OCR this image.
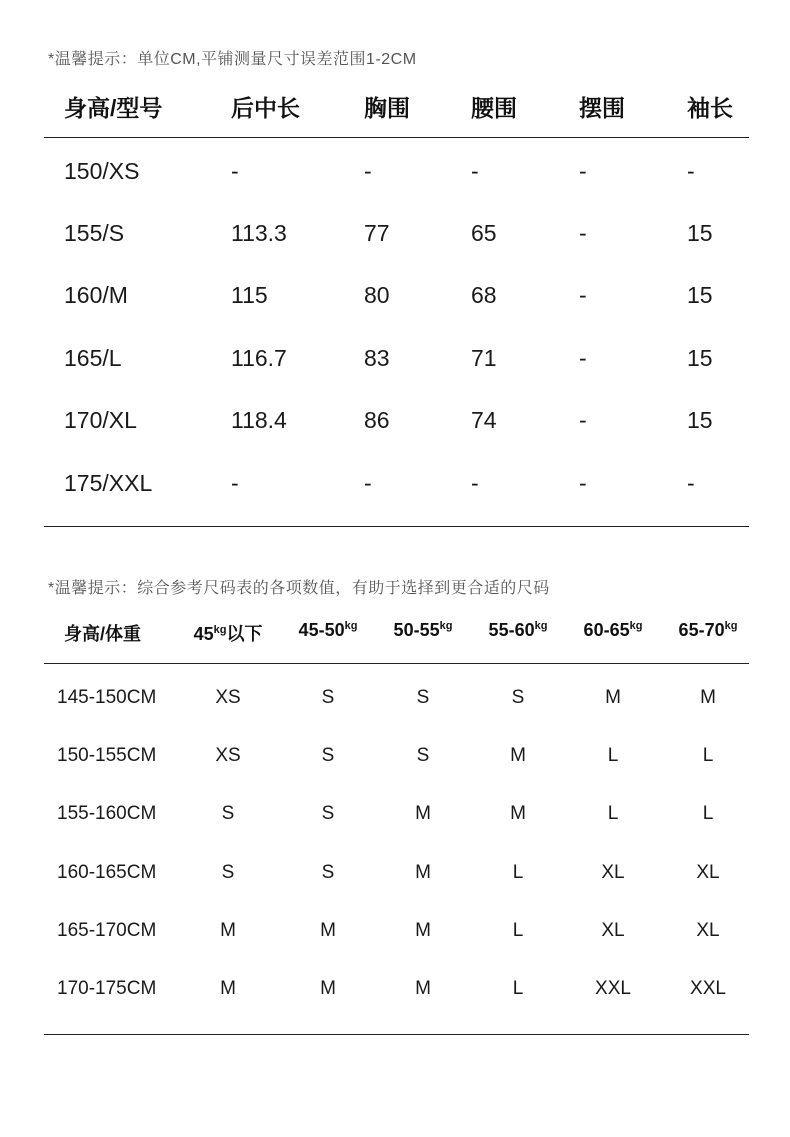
*温馨提示：单位CM,平铺测量尺寸误差范围1-2CM
身高/型号	后中长	胸围	腰围	摆围	袖长
150/XS	-	-	-	-	-
155/S	113.3	77	65	-	15
160/M	115	80	68	-	15
165/L	116.7	83	71	-	15
170/XL	118.4	86	74	-	15
175/XXL	-	-	-	-	-
*温馨提示：综合参考尺码表的各项数值，有助于选择到更合适的尺码
身高/体重	$45^{kg}$以下 $45-50^{kg}$ $50-55^{kg}$ $55-60^{kg}$ $60-65^{kg}$ $65-70^{kg}$
145-150CM	XS	S	S	S	M	M
150-155CM	XS	S	S	M	L	L
155-160CM	S	S	M	M	L	L
160-165CM	S	S	M	L	XL	XL
165-170CM	M	M	M	L	XL	XL
170-175CM	M	M	M	L	XXL	XXL
